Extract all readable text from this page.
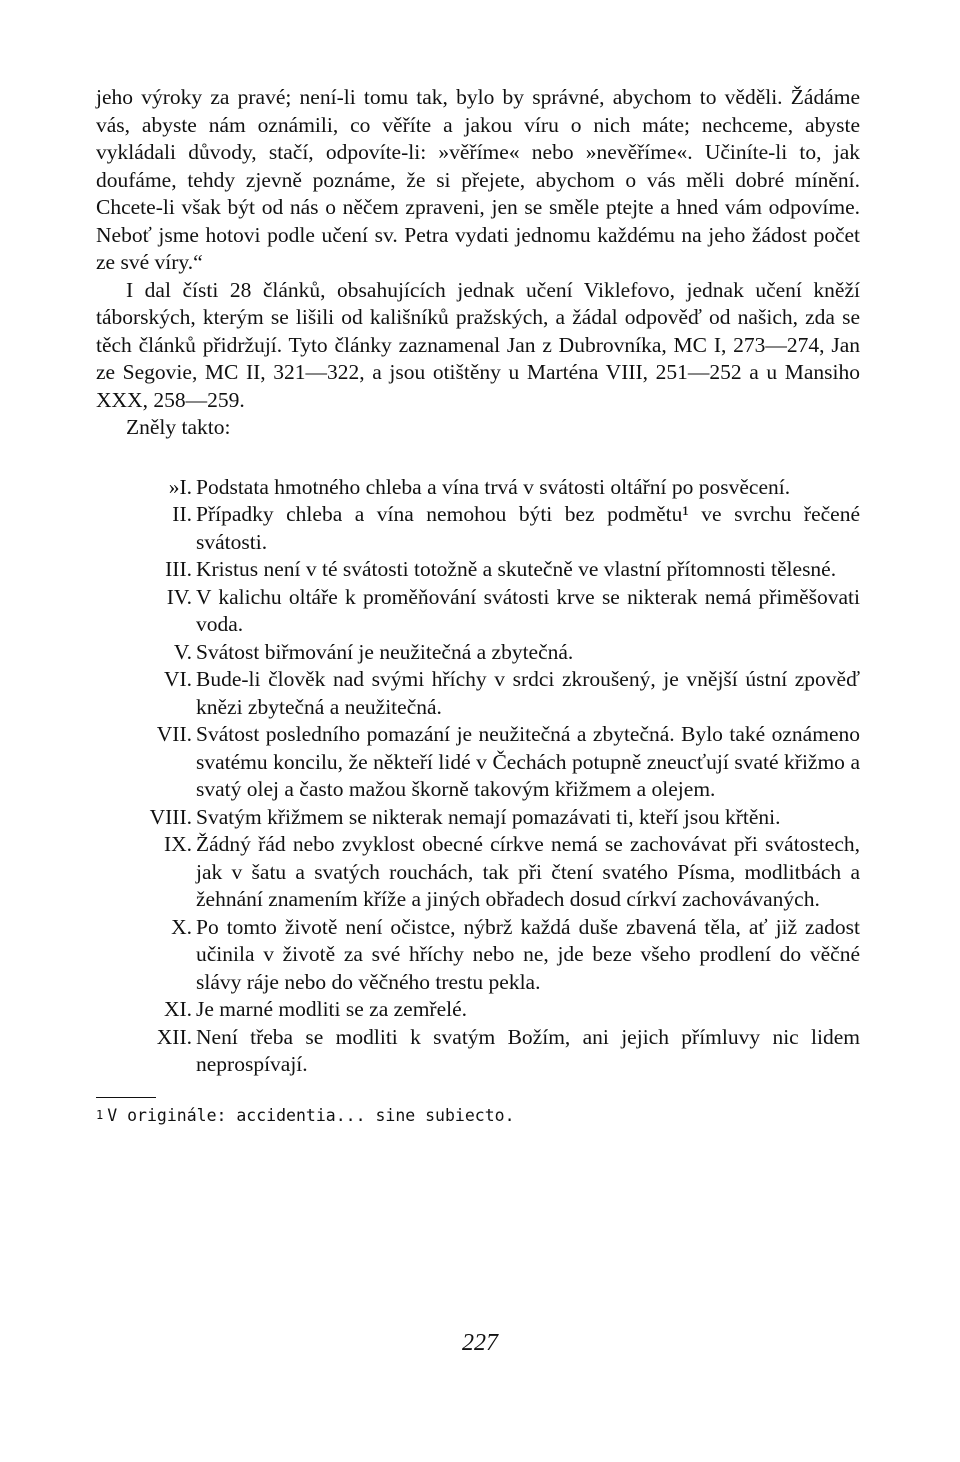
jeho výroky za pravé; není-li tomu tak, bylo by správné, abychom to věděli. Žádáme vás, abyste nám oznámili, co věříte a jakou víru o nich máte; nechceme, abyste vykládali důvody, stačí, odpovíte-li: »věříme« nebo »nevěříme«. Učiníte-li to, jak doufáme, tehdy zjevně poznáme, že si přejete, abychom o vás měli dobré mínění. Chcete-li však být od nás o něčem zpraveni, jen se směle ptejte a hned vám odpovíme. Neboť jsme hotovi podle učení sv. Petra vydati jednomu každému na jeho žádost počet ze své víry.“

I dal čísti 28 článků, obsahujících jednak učení Viklefovo, jednak učení kněží táborských, kterým se lišili od kališníků pražských, a žádal odpověď od našich, zda se těch článků přidržují. Tyto články zaznamenal Jan z Dubrovníka, MC I, 273—274, Jan ze Segovie, MC II, 321—322, a jsou otištěny u Marténa VIII, 251—252 a u Mansiho XXX, 258—259.

Zněly takto:

»I. Podstata hmotného chleba a vína trvá v svátosti oltářní po posvěcení.
II. Případky chleba a vína nemohou býti bez podmětu¹ ve svrchu řečené svátosti.
III. Kristus není v té svátosti totožně a skutečně ve vlastní přítomnosti tělesné.
IV. V kalichu oltáře k proměňování svátosti krve se nikterak nemá přiměšovati voda.
V. Svátost biřmování je neužitečná a zbytečná.
VI. Bude-li člověk nad svými hříchy v srdci zkroušený, je vnější ústní zpověď knězi zbytečná a neužitečná.
VII. Svátost posledního pomazání je neužitečná a zbytečná. Bylo také oznámeno svatému koncilu, že někteří lidé v Čechách potupně zneucťují svaté křižmo a svatý olej a často mažou škorně takovým křižmem a olejem.
VIII. Svatým křižmem se nikterak nemají pomazávati ti, kteří jsou křtěni.
IX. Žádný řád nebo zvyklost obecné církve nemá se zachovávat při svátostech, jak v šatu a svatých rouchách, tak při čtení svatého Písma, modlitbách a žehnání znamením kříže a jiných obřadech dosud církví zachovávaných.
X. Po tomto životě není očistce, nýbrž každá duše zbavená těla, ať již zadost učinila v životě za své hříchy nebo ne, jde beze všeho prodlení do věčné slávy ráje nebo do věčného trestu pekla.
XI. Je marné modliti se za zemřelé.
XII. Není třeba se modliti k svatým Božím, ani jejich přímluvy nic lidem neprospívají.

1 V originále: accidentia... sine subiecto.

227
